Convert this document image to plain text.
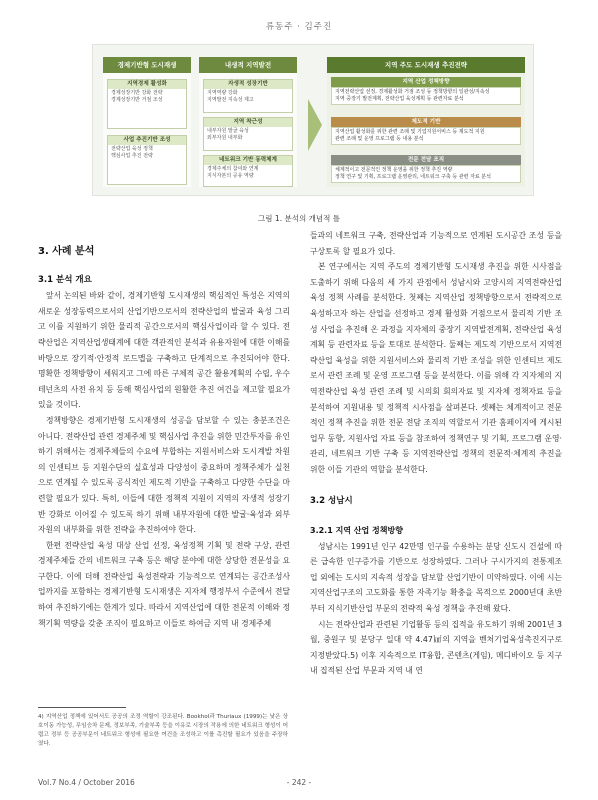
류동주 · 김주진
경제기반형 도시재생
지역경제 활성화
경제성장기반 강화 전략
경제성장기반 거점 조성
사업 추진기반 조성
전략산업 육성 정책
핵심사업 추진 전략
내생적 지역발전
자생적 성장기반
지역역량 강화
지역발전 지속성 제고
지역 착근성
내부자원 발굴 육성
외부자원 내부화
네트워크 기반 동력체계
경제주체의 참여와 연계
지식자본의 공유 역량
지역 주도 도시재생 추진전략
지역 산업 정책방향
지역전략산업 선정, 경제활성화 거점 조성 등 정책방향의 일관성/지속성
지역 중장기 발전계획, 전략산업 육성계획 등 관련자료 분석
제도적 기반
지역산업 활성화를 위한 관련 조례 및 기업지원서비스 등 제도적 지원
관련 조례 및 운영 프로그램 등 내용 분석
전문 전담 조직
체계적이고 전문적인 정책 운영을 위한 정책 추진 역량
정책 연구 및 기획, 프로그램 운영관리, 네트워크 구축 등 관련 자료 분석
그림 1. 분석의 개념적 틀
3. 사례 분석
3.1 분석 개요

앞서 논의된 바와 같이, 경제기반형 도시재생의 핵심적인 특성은 지역의 새로운 성장동력으로서의 산업기반으로서의 전략산업의 발굴과 육성 그리고 이를 지원하기 위한 물리적 공간으로서의 핵심사업이라 할 수 있다. 전략산업은 지역산업생태계에 대한 객관적인 분석과 유용자원에 대한 이해를 바탕으로 장기적·안정적 로드맵을 구축하고 단계적으로 추진되어야 한다. 명확한 정책방향이 세워지고 그에 따른 구체적 공간 활용계획의 수립, 우수 테넌츠의 사전 유치 등 등해 핵심사업의 원활한 추진 여건을 제고할 필요가 있을 것이다.

정책방향은 경제기반형 도시재생의 성공을 담보할 수 있는 충분조건은 아니다. 전략산업 관련 경제주체 및 핵심사업 추진을 위한 민간투자를 유인하기 위해서는 경제주체들의 수요에 부합하는 지원서비스와 도시계발 차원의 인센티브 등 지원수단의 실효성과 다양성이 중요하며 정책주체가 실천으로 연계될 수 있도록 공식적인 제도적 기반을 구축하고 다양한 수단을 마련할 필요가 있다. 특히, 이들에 대한 정책적 지원이 지역의 자생적 성장기반 강화로 이어질 수 있도록 하기 위해 내부자원에 대한 발굴·육성과 외부자원의 내부화를 위한 전략을 추진하여야 한다.

한편 전략산업 육성 대상 산업 선정, 육성정책 기획 및 전략 구상, 관련 경제주체들 간의 네트워크 구축 등은 해당 분야에 대한 상당한 전문성을 요구한다. 이에 더해 전략산업 육성전략과 기능적으로 연계되는 공간조성사업까지를 포함하는 경제기반형 도시재생은 지자체 행정부서 수준에서 전달하여 추진하기에는 한계가 있다. 따라서 지역산업에 대한 전문적 이해와 정책기획 역량을 갖춘 조직이 필요하고 이들로 하여금 지역 내 경제주체

4) 지역산업 정책에 있어서도 공공의 조정 역할이 강조된다. Bookhol과 Thuriaux (1999)는 낮은 상호이동 가능성, 무임승차 문제, 정보부족, 기술부족 등을 이유로 시장의 작용에 의한 네트워크 형성이 어렵고 정부 등 공공부문이 네트워크 형성에 필요한 여건을 조성하고 이를 촉진할 필요가 있음을 주장하였다.

들과의 네트워크 구축, 전략산업과 기능적으로 연계된 도시공간 조성 등을 구상토록 할 필요가 있다.

본 연구에서는 지역 주도의 경제기반형 도시재생 추진을 위한 시사점을 도출하기 위해 다음의 세 가지 관점에서 성남시와 고양시의 지역전략산업 육성 정책 사례를 분석한다. 첫째는 지역산업 정책방향으로서 전략적으로 육성하고자 하는 산업을 선정하고 경제 활성화 거점으로서 물리적 기반 조성 사업을 추진해 온 과정을 지자체의 중장기 지역발전계획, 전략산업 육성계획 등 관련자료 등을 토대로 분석한다. 둘째는 제도적 기반으로서 지역전략산업 육성을 위한 지원서비스와 물리적 기반 조성을 위한 인센티브 제도로서 관련 조례 및 운영 프로그램 등을 분석한다. 이를 위해 각 지자체의 지역전략산업 육성 관련 조례 및 시의회 회의자료 및 지자체 정책자료 등을 분석하여 지원내용 및 정책적 시사점을 살펴본다. 셋째는 체계적이고 전문적인 정책 추진을 위한 전문 전담 조직의 역할로서 기관 홈페이지에 게시된 업무 동향, 지원사업 자료 등을 참조하여 정책연구 및 기획, 프로그램 운영·관리, 네트워크 기반 구축 등 지역전략산업 정책의 전문적·체계적 추진을 위한 이들 기관의 역할을 분석한다.

3.2 성남시
3.2.1 지역 산업 정책방향

성남시는 1991년 인구 42만명 인구를 수용하는 분당 신도시 건설에 따른 급속한 인구증가를 기반으로 성장하였다. 그러나 구시가지의 전통제조업 외에는 도시의 지속적 성장을 담보할 산업기반이 미약하였다. 이에 시는 지역산업구조의 고도화를 통한 자족기능 확충을 목적으로 2000년대 초반부터 지식기반산업 부문의 전략적 육성 정책을 추진해 왔다.

시는 전략산업과 관련된 기업활동 등의 집적을 유도하기 위해 2001년 3월, 중원구 및 분당구 일대 약 4.47㎢의 지역을 벤처기업육성촉진지구로 지정받았다.5) 이후 지속적으로 IT융합, 콘텐츠(게임), 메디바이오 등 지구 내 집적된 산업 부문과 지역 내 연

Vol.7 No.4 / October 2016	- 242 -
